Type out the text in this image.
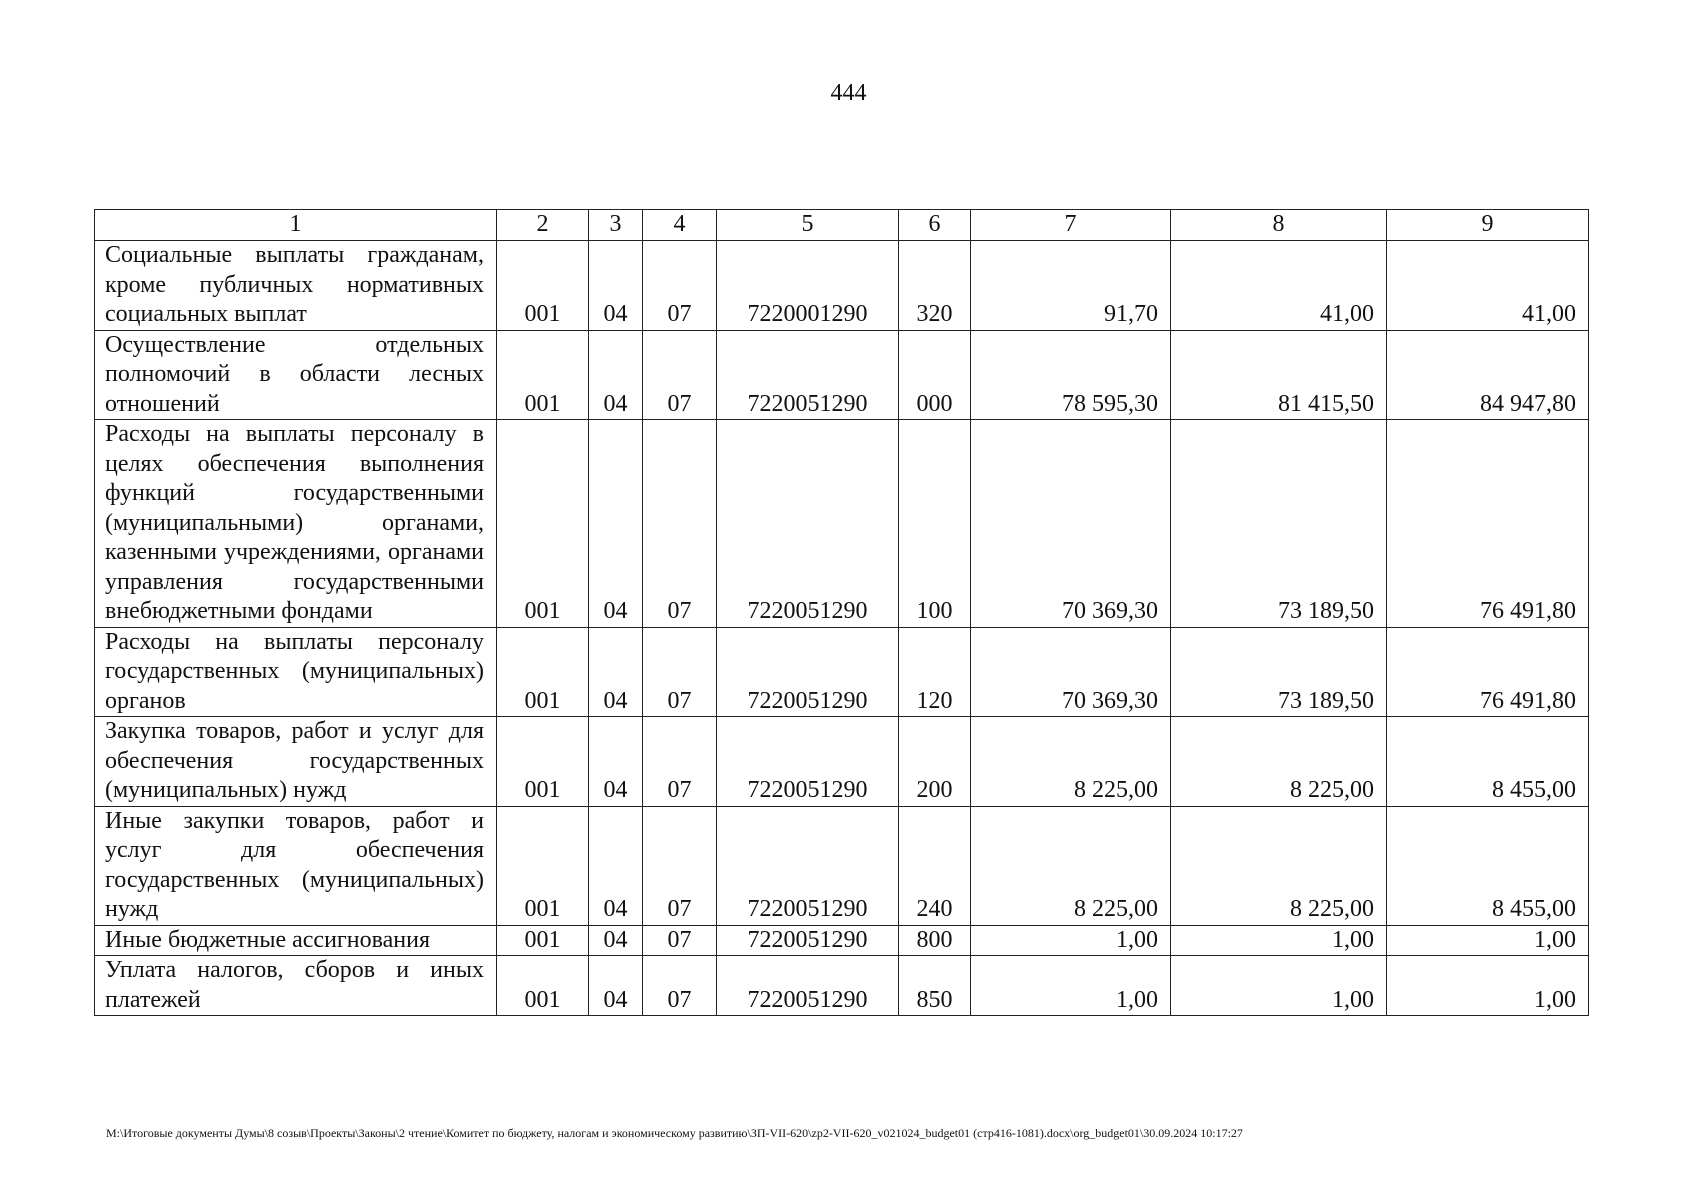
444
1	2	3	4	5	6	7	8	9
Социальные выплаты гражданам, кроме публичных нормативных социальных выплат	001	04	07	7220001290	320	91,70	41,00	41,00
Осуществление отдельных полномочий в области лесных отношений	001	04	07	7220051290	000	78 595,30	81 415,50	84 947,80
Расходы на выплаты персоналу в целях обеспечения выполнения функций государственными (муниципальными) органами, казенными учреждениями, органами управления государственными внебюджетными фондами	001	04	07	7220051290	100	70 369,30	73 189,50	76 491,80
Расходы на выплаты персоналу государственных (муниципальных) органов	001	04	07	7220051290	120	70 369,30	73 189,50	76 491,80
Закупка товаров, работ и услуг для обеспечения государственных (муниципальных) нужд	001	04	07	7220051290	200	8 225,00	8 225,00	8 455,00
Иные закупки товаров, работ и услуг для обеспечения государственных (муниципальных) нужд	001	04	07	7220051290	240	8 225,00	8 225,00	8 455,00
Иные бюджетные ассигнования	001	04	07	7220051290	800	1,00	1,00	1,00
Уплата налогов, сборов и иных платежей	001	04	07	7220051290	850	1,00	1,00	1,00
M:\Итоговые документы Думы\8 созыв\Проекты\Законы\2 чтение\Комитет по бюджету, налогам и экономическому развитию\ЗП-VII-620\zp2-VII-620_v021024_budget01 (стр416-1081).docx\org_budget01\30.09.2024 10:17:27
